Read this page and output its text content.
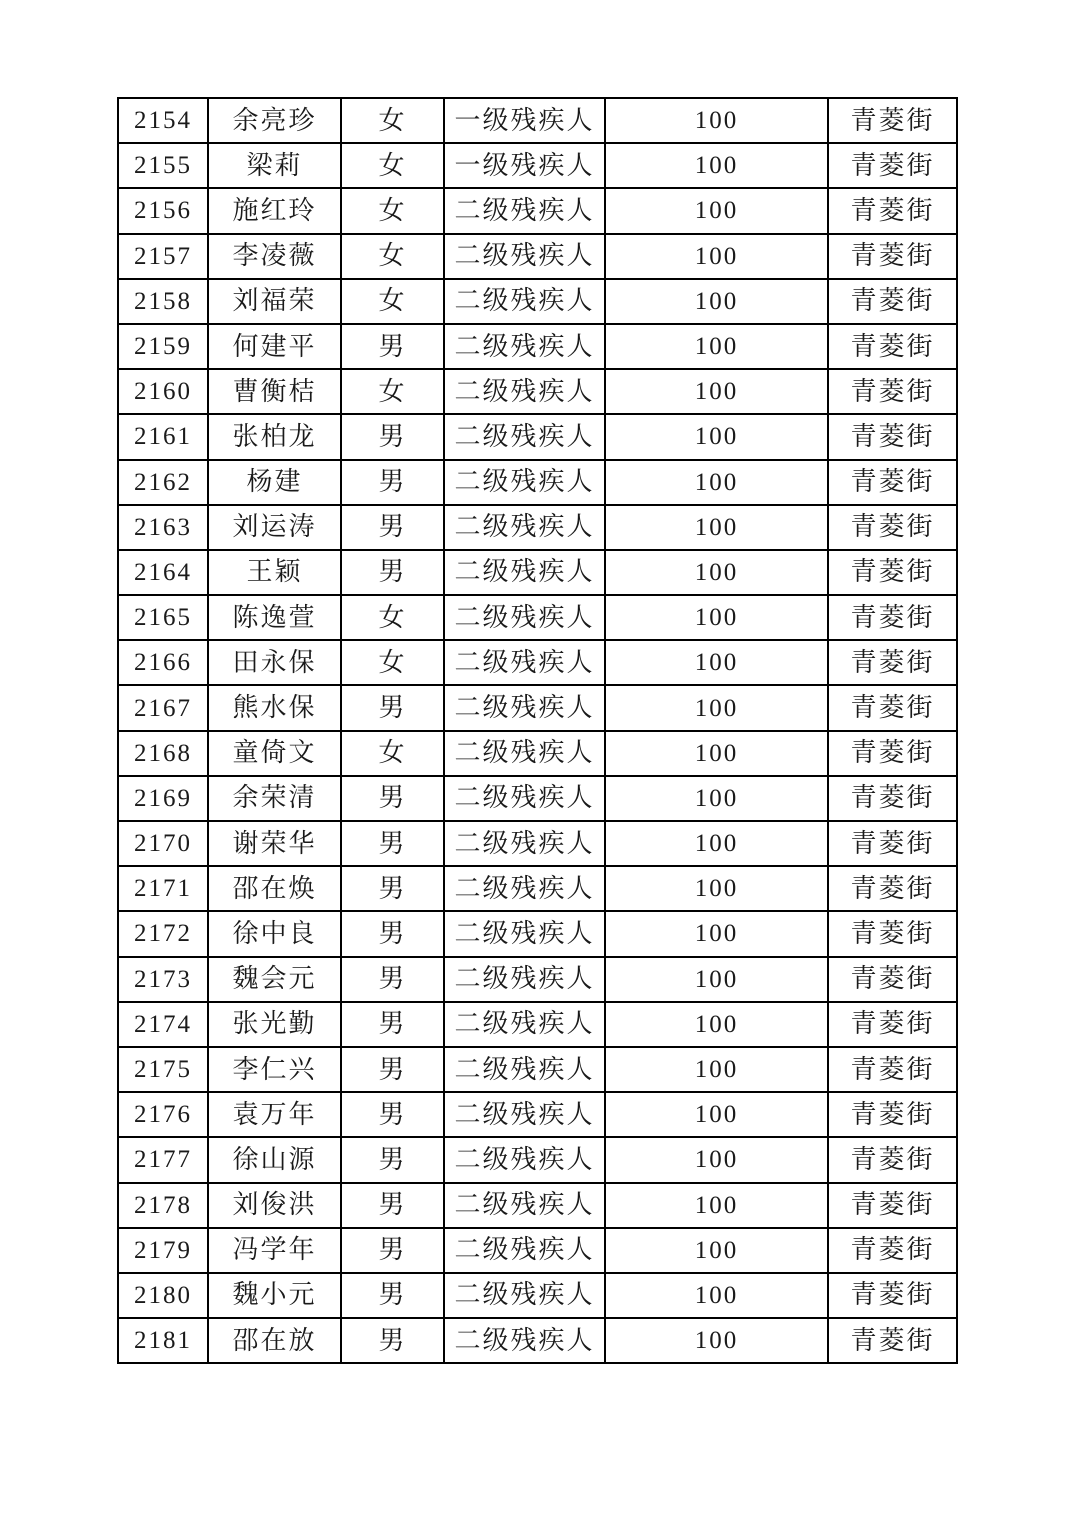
2154	余亮珍	女	一级残疾人	100	青菱街
2155	梁莉	女	一级残疾人	100	青菱街
2156	施红玲	女	二级残疾人	100	青菱街
2157	李凌薇	女	二级残疾人	100	青菱街
2158	刘福荣	女	二级残疾人	100	青菱街
2159	何建平	男	二级残疾人	100	青菱街
2160	曹衡桔	女	二级残疾人	100	青菱街
2161	张柏龙	男	二级残疾人	100	青菱街
2162	杨建	男	二级残疾人	100	青菱街
2163	刘运涛	男	二级残疾人	100	青菱街
2164	王颖	男	二级残疾人	100	青菱街
2165	陈逸萱	女	二级残疾人	100	青菱街
2166	田永保	女	二级残疾人	100	青菱街
2167	熊水保	男	二级残疾人	100	青菱街
2168	童倚文	女	二级残疾人	100	青菱街
2169	余荣清	男	二级残疾人	100	青菱街
2170	谢荣华	男	二级残疾人	100	青菱街
2171	邵在焕	男	二级残疾人	100	青菱街
2172	徐中良	男	二级残疾人	100	青菱街
2173	魏会元	男	二级残疾人	100	青菱街
2174	张光勤	男	二级残疾人	100	青菱街
2175	李仁兴	男	二级残疾人	100	青菱街
2176	袁万年	男	二级残疾人	100	青菱街
2177	徐山源	男	二级残疾人	100	青菱街
2178	刘俊洪	男	二级残疾人	100	青菱街
2179	冯学年	男	二级残疾人	100	青菱街
2180	魏小元	男	二级残疾人	100	青菱街
2181	邵在放	男	二级残疾人	100	青菱街
